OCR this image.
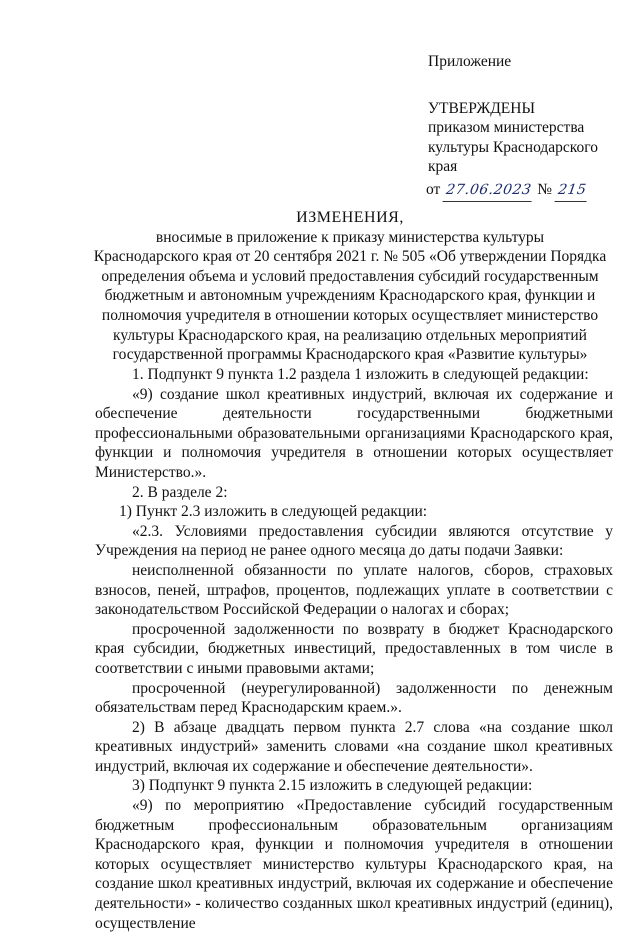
Приложение
УТВЕРЖДЕНЫ
приказом министерства
культуры Краснодарского
края
от 27.06.2023 № 215
ИЗМЕНЕНИЯ,
вносимые в приложение к приказу министерства культуры
Краснодарского края от 20 сентября 2021 г. № 505 «Об утверждении Порядка
определения объема и условий предоставления субсидий государственным
бюджетным и автономным учреждениям Краснодарского края, функции и
полномочия учредителя в отношении которых осуществляет министерство
культуры Краснодарского края, на реализацию отдельных мероприятий
государственной программы Краснодарского края «Развитие культуры»

1. Подпункт 9 пункта 1.2 раздела 1 изложить в следующей редакции:

«9) создание школ креативных индустрий, включая их содержание и обеспечение деятельности государственными бюджетными профессиональными образовательными организациями Краснодарского края, функции и полномочия учредителя в отношении которых осуществляет Министерство.».

2. В разделе 2:

1) Пункт 2.3 изложить в следующей редакции:

«2.3. Условиями предоставления субсидии являются отсутствие у Учреждения на период не ранее одного месяца до даты подачи Заявки:

неисполненной обязанности по уплате налогов, сборов, страховых взносов, пеней, штрафов, процентов, подлежащих уплате в соответствии с законодательством Российской Федерации о налогах и сборах;

просроченной задолженности по возврату в бюджет Краснодарского края субсидии, бюджетных инвестиций, предоставленных в том числе в соответствии с иными правовыми актами;

просроченной (неурегулированной) задолженности по денежным обязательствам перед Краснодарским краем.».

2) В абзаце двадцать первом пункта 2.7 слова «на создание школ креативных индустрий» заменить словами «на создание школ креативных индустрий, включая их содержание и обеспечение деятельности».

3) Подпункт 9 пункта 2.15 изложить в следующей редакции:

«9) по мероприятию «Предоставление субсидий государственным бюджетным профессиональным образовательным организациям Краснодарского края, функции и полномочия учредителя в отношении которых осуществляет министерство культуры Краснодарского края, на создание школ креативных индустрий, включая их содержание и обеспечение деятельности» - количество созданных школ креативных индустрий (единиц), осуществление
